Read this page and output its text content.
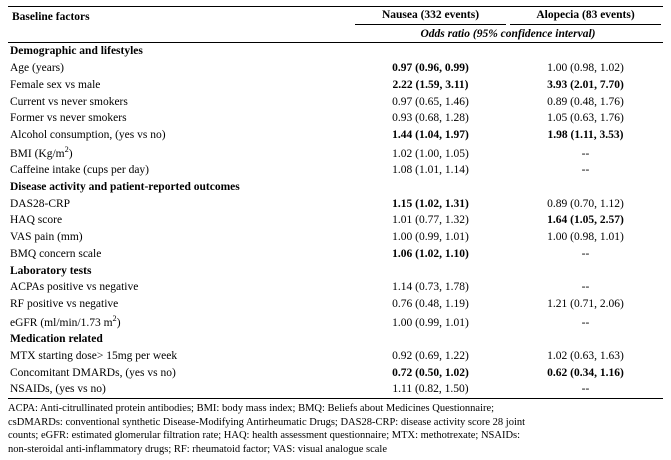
Baseline factors	Nausea (332 events)	Alopecia (83 events)

	Odds ratio (95% confidence interval)	
Demographic and lifestyles		
Age (years)	0.97 (0.96, 0.99)	1.00 (0.98, 1.02)
Female sex vs male	2.22 (1.59, 3.11)	3.93 (2.01, 7.70)
Current vs never smokers	0.97 (0.65, 1.46)	0.89 (0.48, 1.76)
Former vs never smokers	0.93 (0.68, 1.28)	1.05 (0.63, 1.76)
Alcohol consumption, (yes vs no)	1.44 (1.04, 1.97)	1.98 (1.11, 3.53)
BMI $(Kg/m^2)$	1.02 (1.00, 1.05)	--
Caffeine intake (cups per day)	1.08 (1.01, 1.14)	--
Disease activity and patient-reported outcomes		
DAS28-CRP	1.15 (1.02, 1.31)	0.89 (0.70, 1.12)
HAQ score	1.01 (0.77, 1.32)	1.64 (1.05, 2.57)
VAS pain (mm)	1.00 (0.99, 1.01)	1.00 (0.98, 1.01)
BMQ concern scale	1.06 (1.02, 1.10)	--
Laboratory tests		
ACPAs positive vs negative	1.14 (0.73, 1.78)	--
RF positive vs negative	0.76 (0.48, 1.19)	1.21 (0.71, 2.06)
eGFR (ml/min/1.73 $m^2$)	1.00 (0.99, 1.01)	--
Medication related		
MTX starting dose> 15mg per week	0.92 (0.69, 1.22)	1.02 (0.63, 1.63)
Concomitant DMARDs, (yes vs no)	0.72 (0.50, 1.02)	0.62 (0.34, 1.16)
NSAIDs, (yes vs no)	1.11 (0.82, 1.50)	--
ACPA: Anti-citrullinated protein antibodies; BMI: body mass index; BMQ: Beliefs about Medicines Questionnaire;
csDMARDs: conventional synthetic Disease-Modifying Antirheumatic Drugs; DAS28-CRP: disease activity score 28 joint
counts; eGFR: estimated glomerular filtration rate; HAQ: health assessment questionnaire; MTX: methotrexate; NSAIDs:
non-steroidal anti-inflammatory drugs; RF: rheumatoid factor; VAS: visual analogue scale
